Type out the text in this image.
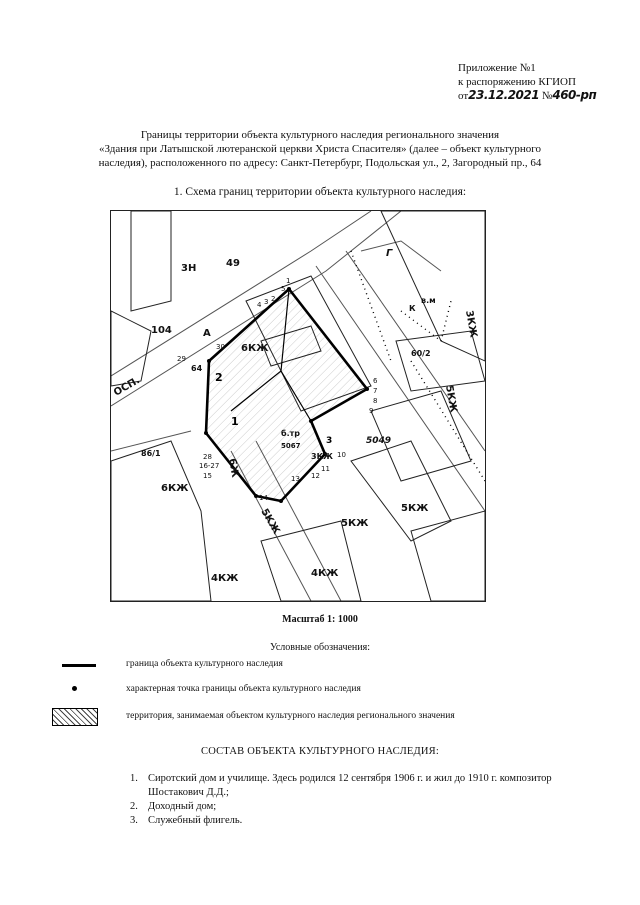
Приложение №1
к распоряжению КГИОП
от23.12.2021 №460-рп
Границы территории объекта культурного наследия регионального значения
«Здания при Латышской лютеранской церкви Христа Спасителя» (далее – объект культурного
наследия), расположенного по адресу: Санкт-Петербург, Подольская ул., 2, Загородный пр., 64
1. Схема границ территории объекта культурного наследия:
1
2
3
3Н	49
104
ОСП.
6КЖ
64
6Ж
б.тр
5067
3КЖ
5049
5КЖ	5КЖ
5КЖ
4КЖ
4КЖ
6КЖ
3КЖ
60/2
5КЖ
Г
К
в.м
86/1
А
1
2
3
4
5
6
7
8
9
10
11
12
13
14
15
16-27
28
29
30
Масштаб 1: 1000
Условные обозначения:
граница объекта культурного наследия
характерная точка границы объекта культурного наследия
территория, занимаемая объектом культурного наследия регионального значения
СОСТАВ ОБЪЕКТА КУЛЬТУРНОГО НАСЛЕДИЯ:
1. Сиротский дом и училище. Здесь родился 12 сентября 1906 г. и жил до 1910 г. композитор
Шостакович Д.Д.;
2. Доходный дом;
3. Служебный флигель.
